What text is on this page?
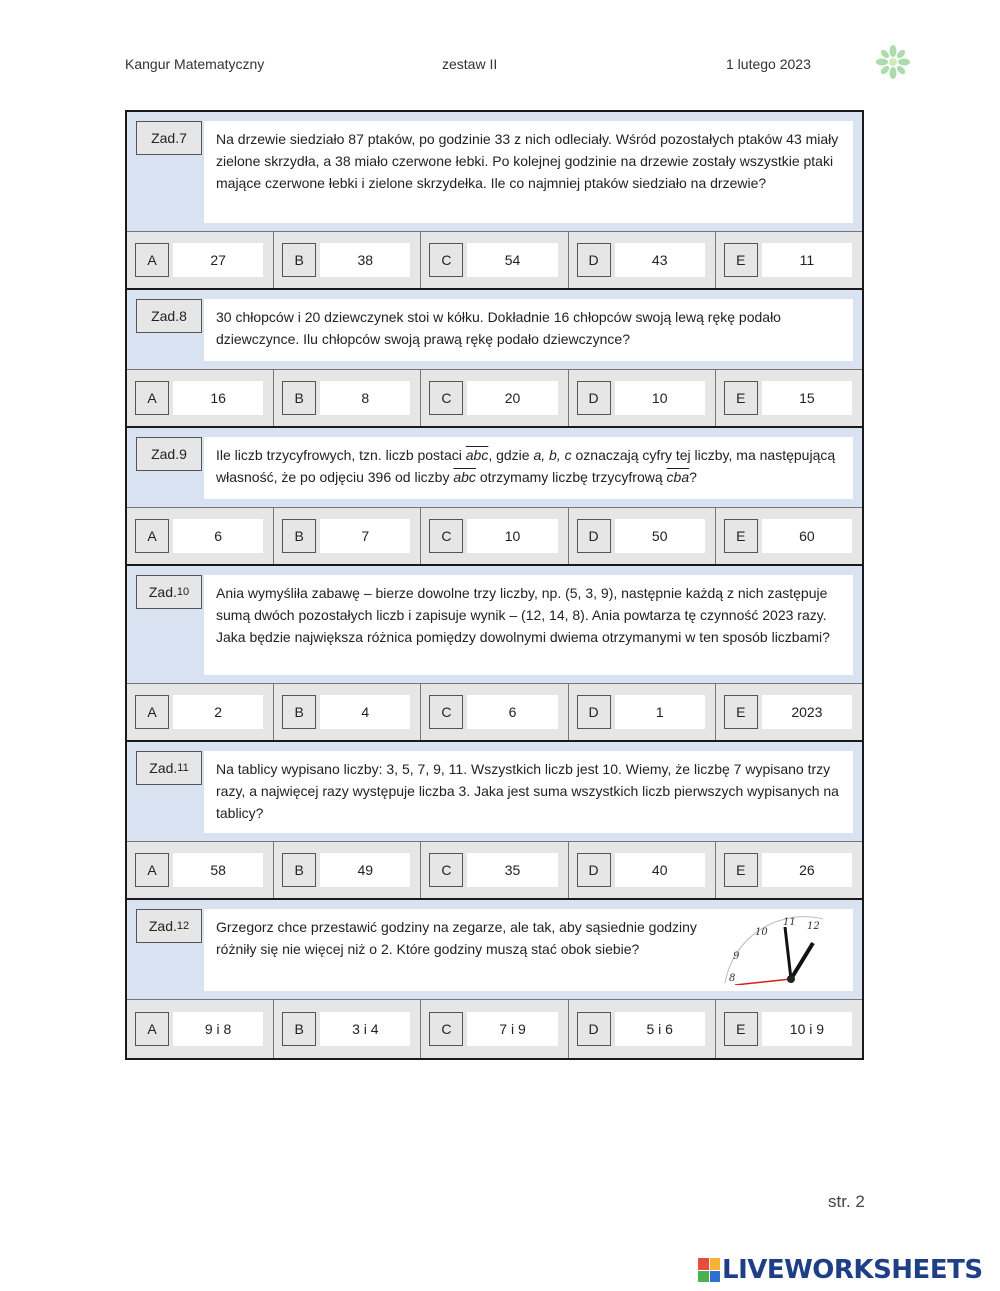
Kangur Matematyczny	zestaw II	1 lutego 2023
Zad.7	Na drzewie siedziało 87 ptaków, po godzinie 33 z nich odleciały. Wśród pozostałych ptaków 43 miały zielone skrzydła, a 38 miało czerwone łebki. Po kolejnej godzinie na drzewie zostały wszystkie ptaki mające czerwone łebki i zielone skrzydełka. Ile co najmniej ptaków siedziało na drzewie?
A	27	B	38	C	54	D	43	E	11
Zad.8	30 chłopców i 20 dziewczynek stoi w kółku. Dokładnie 16 chłopców swoją lewą rękę podało dziewczynce. Ilu chłopców swoją prawą rękę podało dziewczynce?
A	16	B	8	C	20	D	10	E	15
Zad.9	Ile liczb trzycyfrowych, tzn. liczb postaci $\overline{abc}$, gdzie a, b, c oznaczają cyfry tej liczby, ma następującą własność, że po odjęciu 396 od liczby $\overline{abc}$ otrzymamy liczbę trzycyfrową $\overline{cba}$?
A	6	B	7	C	10	D	50	E	60
Zad. 10	Ania wymyśliła zabawę – bierze dowolne trzy liczby, np. (5, 3, 9), następnie każdą z nich zastępuje sumą dwóch pozostałych liczb i zapisuje wynik – (12, 14, 8). Ania powtarza tę czynność 2023 razy. Jaka będzie największa różnica pomiędzy dowolnymi dwiema otrzymanymi w ten sposób liczbami?
A	2	B	4	C	6	D	1	E	2023
Zad. 11	Na tablicy wypisano liczby: 3, 5, 7, 9, 11. Wszystkich liczb jest 10. Wiemy, że liczbę 7 wypisano trzy razy, a najwięcej razy występuje liczba 3. Jaka jest suma wszystkich liczb pierwszych wypisanych na tablicy?
A	58	B	49	C	35	D	40	E	26
Zad. 12	Grzegorz chce przestawić godziny na zegarze, ale tak, aby sąsiednie godziny różniły się nie więcej niż o 2. Które godziny muszą stać obok siebie?
8
9
10
11 12
A	9 i 8	B	3 i 4	C	7 i 9	D	5 i 6	E	10 i 9
str. 2
LIVEWORKSHEETS
